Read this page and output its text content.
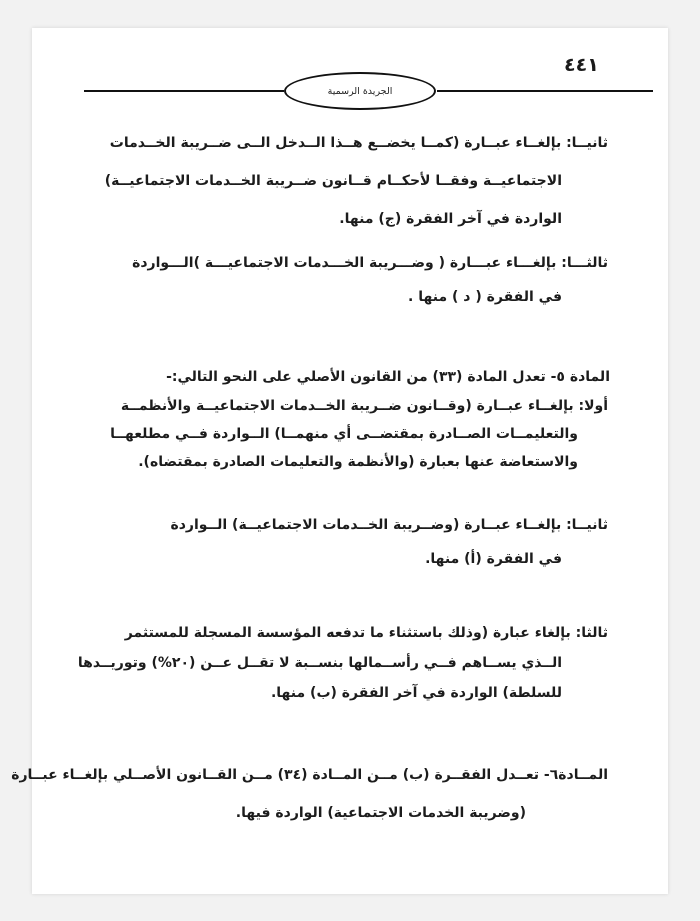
٤٤١
الجريدة الرسمية
ثانيــا: بإلغــاء عبــارة (كمــا يخضــع هــذا الــدخل الــى ضــريبة الخــدمات
الاجتماعيــة وفقــا لأحكــام قــانون ضــريبة الخــدمات الاجتماعيــة)
الواردة في آخر الفقرة (ج) منها.
ثالثـــا: بإلغـــاء عبـــارة ( وضـــريبة الخـــدمات الاجتماعيـــة )الـــواردة
في الفقرة ( د ) منها .
المادة ٥- تعدل المادة (٣٣) من القانون الأصلي على النحو التالي:-
أولا: بإلغــاء عبــارة (وقــانون ضــريبة الخــدمات الاجتماعيــة والأنظمــة
والتعليمــات الصــادرة بمقتضــى أي منهمــا) الــواردة فــي مطلعهــا
والاستعاضة عنها بعبارة (والأنظمة والتعليمات الصادرة بمقتضاه).
ثانيــا: بإلغــاء عبــارة (وضــريبة الخــدمات الاجتماعيــة) الــواردة
في الفقرة (أ) منها.
ثالثا: بإلغاء عبارة (وذلك باستثناء ما تدفعه المؤسسة المسجلة للمستثمر
الــذي يســاهم فــي رأســمالها بنســبة لا تقــل عــن (٢٠%) وتوريــدها
للسلطة) الواردة في آخر الفقرة (ب) منها.
المــادة٦- تعــدل الفقــرة (ب) مــن المــادة (٣٤) مــن القــانون الأصــلي بإلغــاء عبــارة
(وضريبة الخدمات الاجتماعية) الواردة فيها.
